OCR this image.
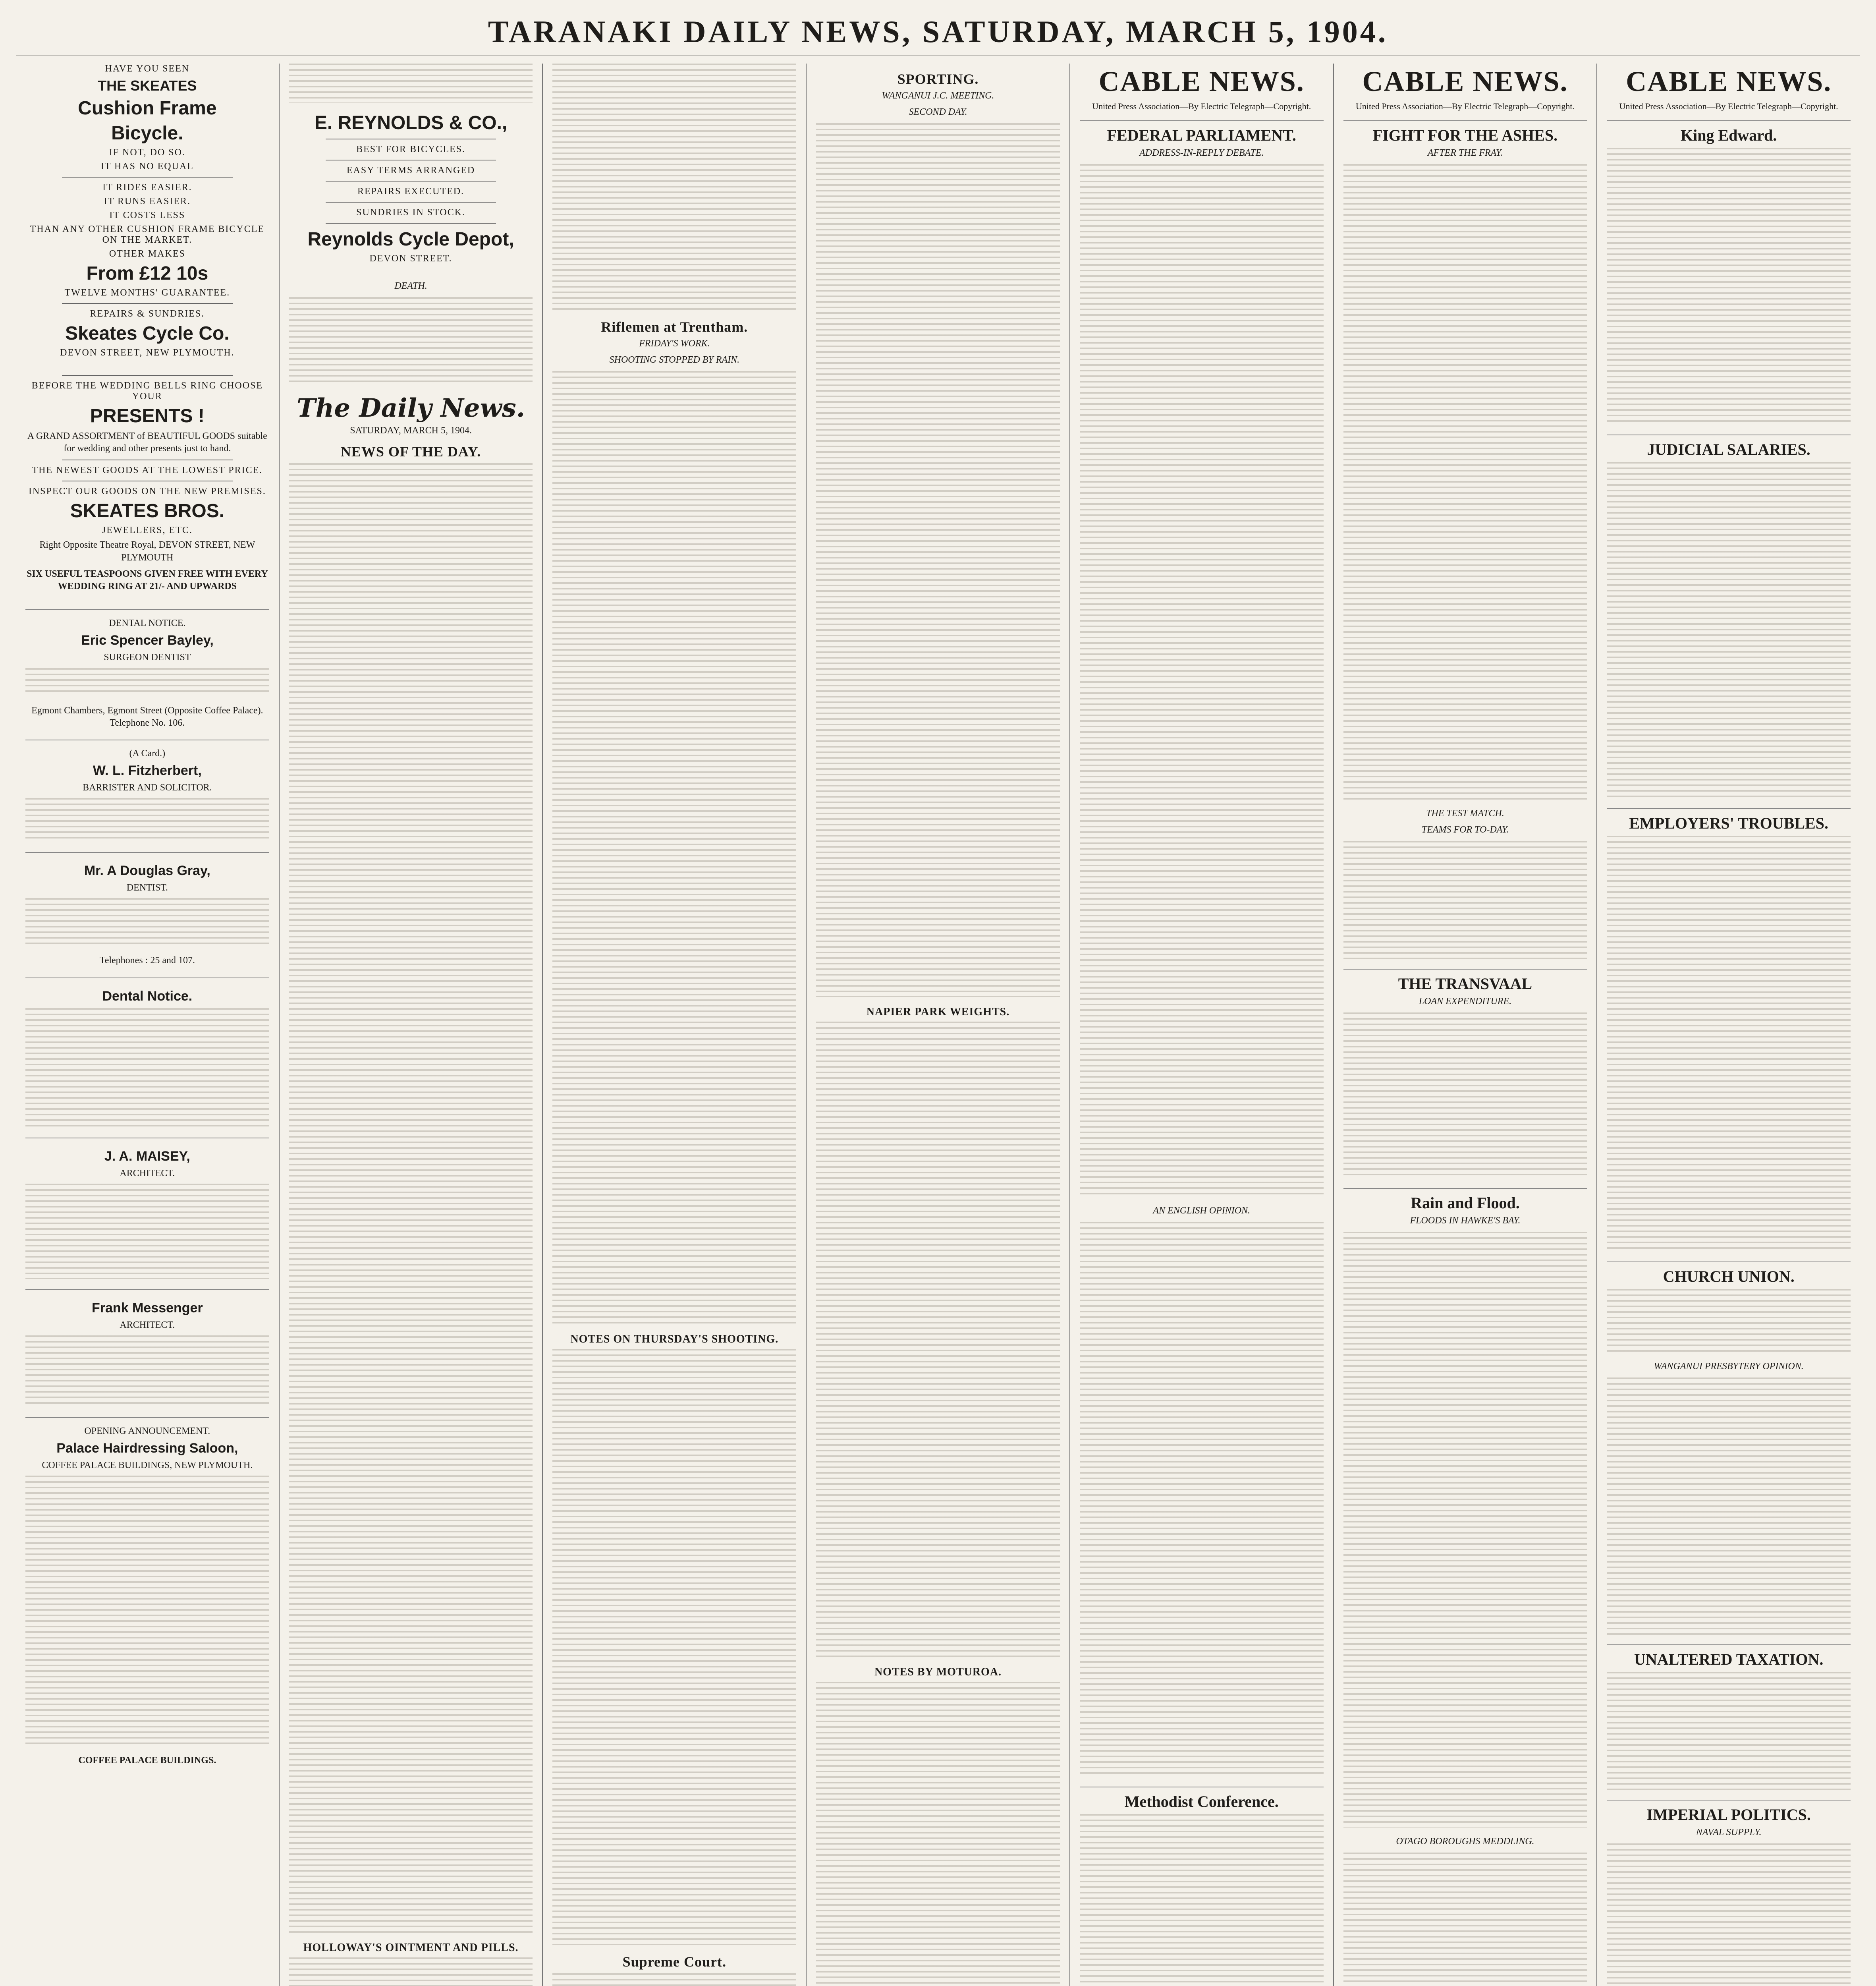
TARANAKI DAILY NEWS, SATURDAY, MARCH 5, 1904.
HAVE YOU SEEN
THE SKEATES
Cushion Frame
Bicycle.
IF NOT, DO SO.
IT HAS NO EQUAL
IT RIDES EASIER.
IT RUNS EASIER.
IT COSTS LESS
THAN ANY OTHER CUSHION FRAME BICYCLE ON THE MARKET.
OTHER MAKES
From £12 10s
TWELVE MONTHS' GUARANTEE.
REPAIRS & SUNDRIES.
Skeates Cycle Co.
DEVON STREET, NEW PLYMOUTH.
BEFORE THE WEDDING BELLS RING CHOOSE YOUR
PRESENTS !
A GRAND ASSORTMENT of BEAUTIFUL GOODS suitable for wedding and other presents just to hand.
THE NEWEST GOODS AT THE LOWEST PRICE.
INSPECT OUR GOODS ON THE NEW PREMISES.
SKEATES BROS.
JEWELLERS, ETC.
Right Opposite Theatre Royal, DEVON STREET, NEW PLYMOUTH
SIX USEFUL TEASPOONS GIVEN FREE WITH EVERY WEDDING RING AT 21/- AND UPWARDS
DENTAL NOTICE.
Eric Spencer Bayley,
SURGEON DENTIST
Egmont Chambers, Egmont Street (Opposite Coffee Palace).
Telephone No. 106.
(A Card.)
W. L. Fitzherbert,
BARRISTER AND SOLICITOR.
Mr. A Douglas Gray,
DENTIST.
Telephones : 25 and 107.
Dental Notice.
J. A. MAISEY,
ARCHITECT.
Frank Messenger
ARCHITECT.
OPENING ANNOUNCEMENT.
Palace Hairdressing Saloon,
COFFEE PALACE BUILDINGS, NEW PLYMOUTH.
COFFEE PALACE BUILDINGS.
E. REYNOLDS & CO.,
BEST FOR BICYCLES.
EASY TERMS ARRANGED
REPAIRS EXECUTED.
SUNDRIES IN STOCK.
Reynolds Cycle Depot,
DEVON STREET.
DEATH.
The Daily News.
SATURDAY, MARCH 5, 1904.
NEWS OF THE DAY.
HOLLOWAY'S OINTMENT AND PILLS.
Riflemen at Trentham.
FRIDAY'S WORK.
SHOOTING STOPPED BY RAIN.
NOTES ON THURSDAY'S SHOOTING.
Supreme Court.
SPORTING.
WANGANUI J.C. MEETING.
SECOND DAY.
NAPIER PARK WEIGHTS.
NOTES BY MOTUROA.
CABLE NEWS.
United Press Association—By Electric Telegraph—Copyright.
FEDERAL PARLIAMENT.
ADDRESS-IN-REPLY DEBATE.
AN ENGLISH OPINION.
Methodist Conference.
CABLE NEWS.
United Press Association—By Electric Telegraph—Copyright.
FIGHT FOR THE ASHES.
AFTER THE FRAY.
THE TEST MATCH.
TEAMS FOR TO-DAY.
THE TRANSVAAL
LOAN EXPENDITURE.
Rain and Flood.
FLOODS IN HAWKE'S BAY.
OTAGO BOROUGHS MEDDLING.
CABLE NEWS.
United Press Association—By Electric Telegraph—Copyright.
King Edward.
JUDICIAL SALARIES.
EMPLOYERS' TROUBLES.
CHURCH UNION.
WANGANUI PRESBYTERY OPINION.
UNALTERED TAXATION.
IMPERIAL POLITICS.
NAVAL SUPPLY.
